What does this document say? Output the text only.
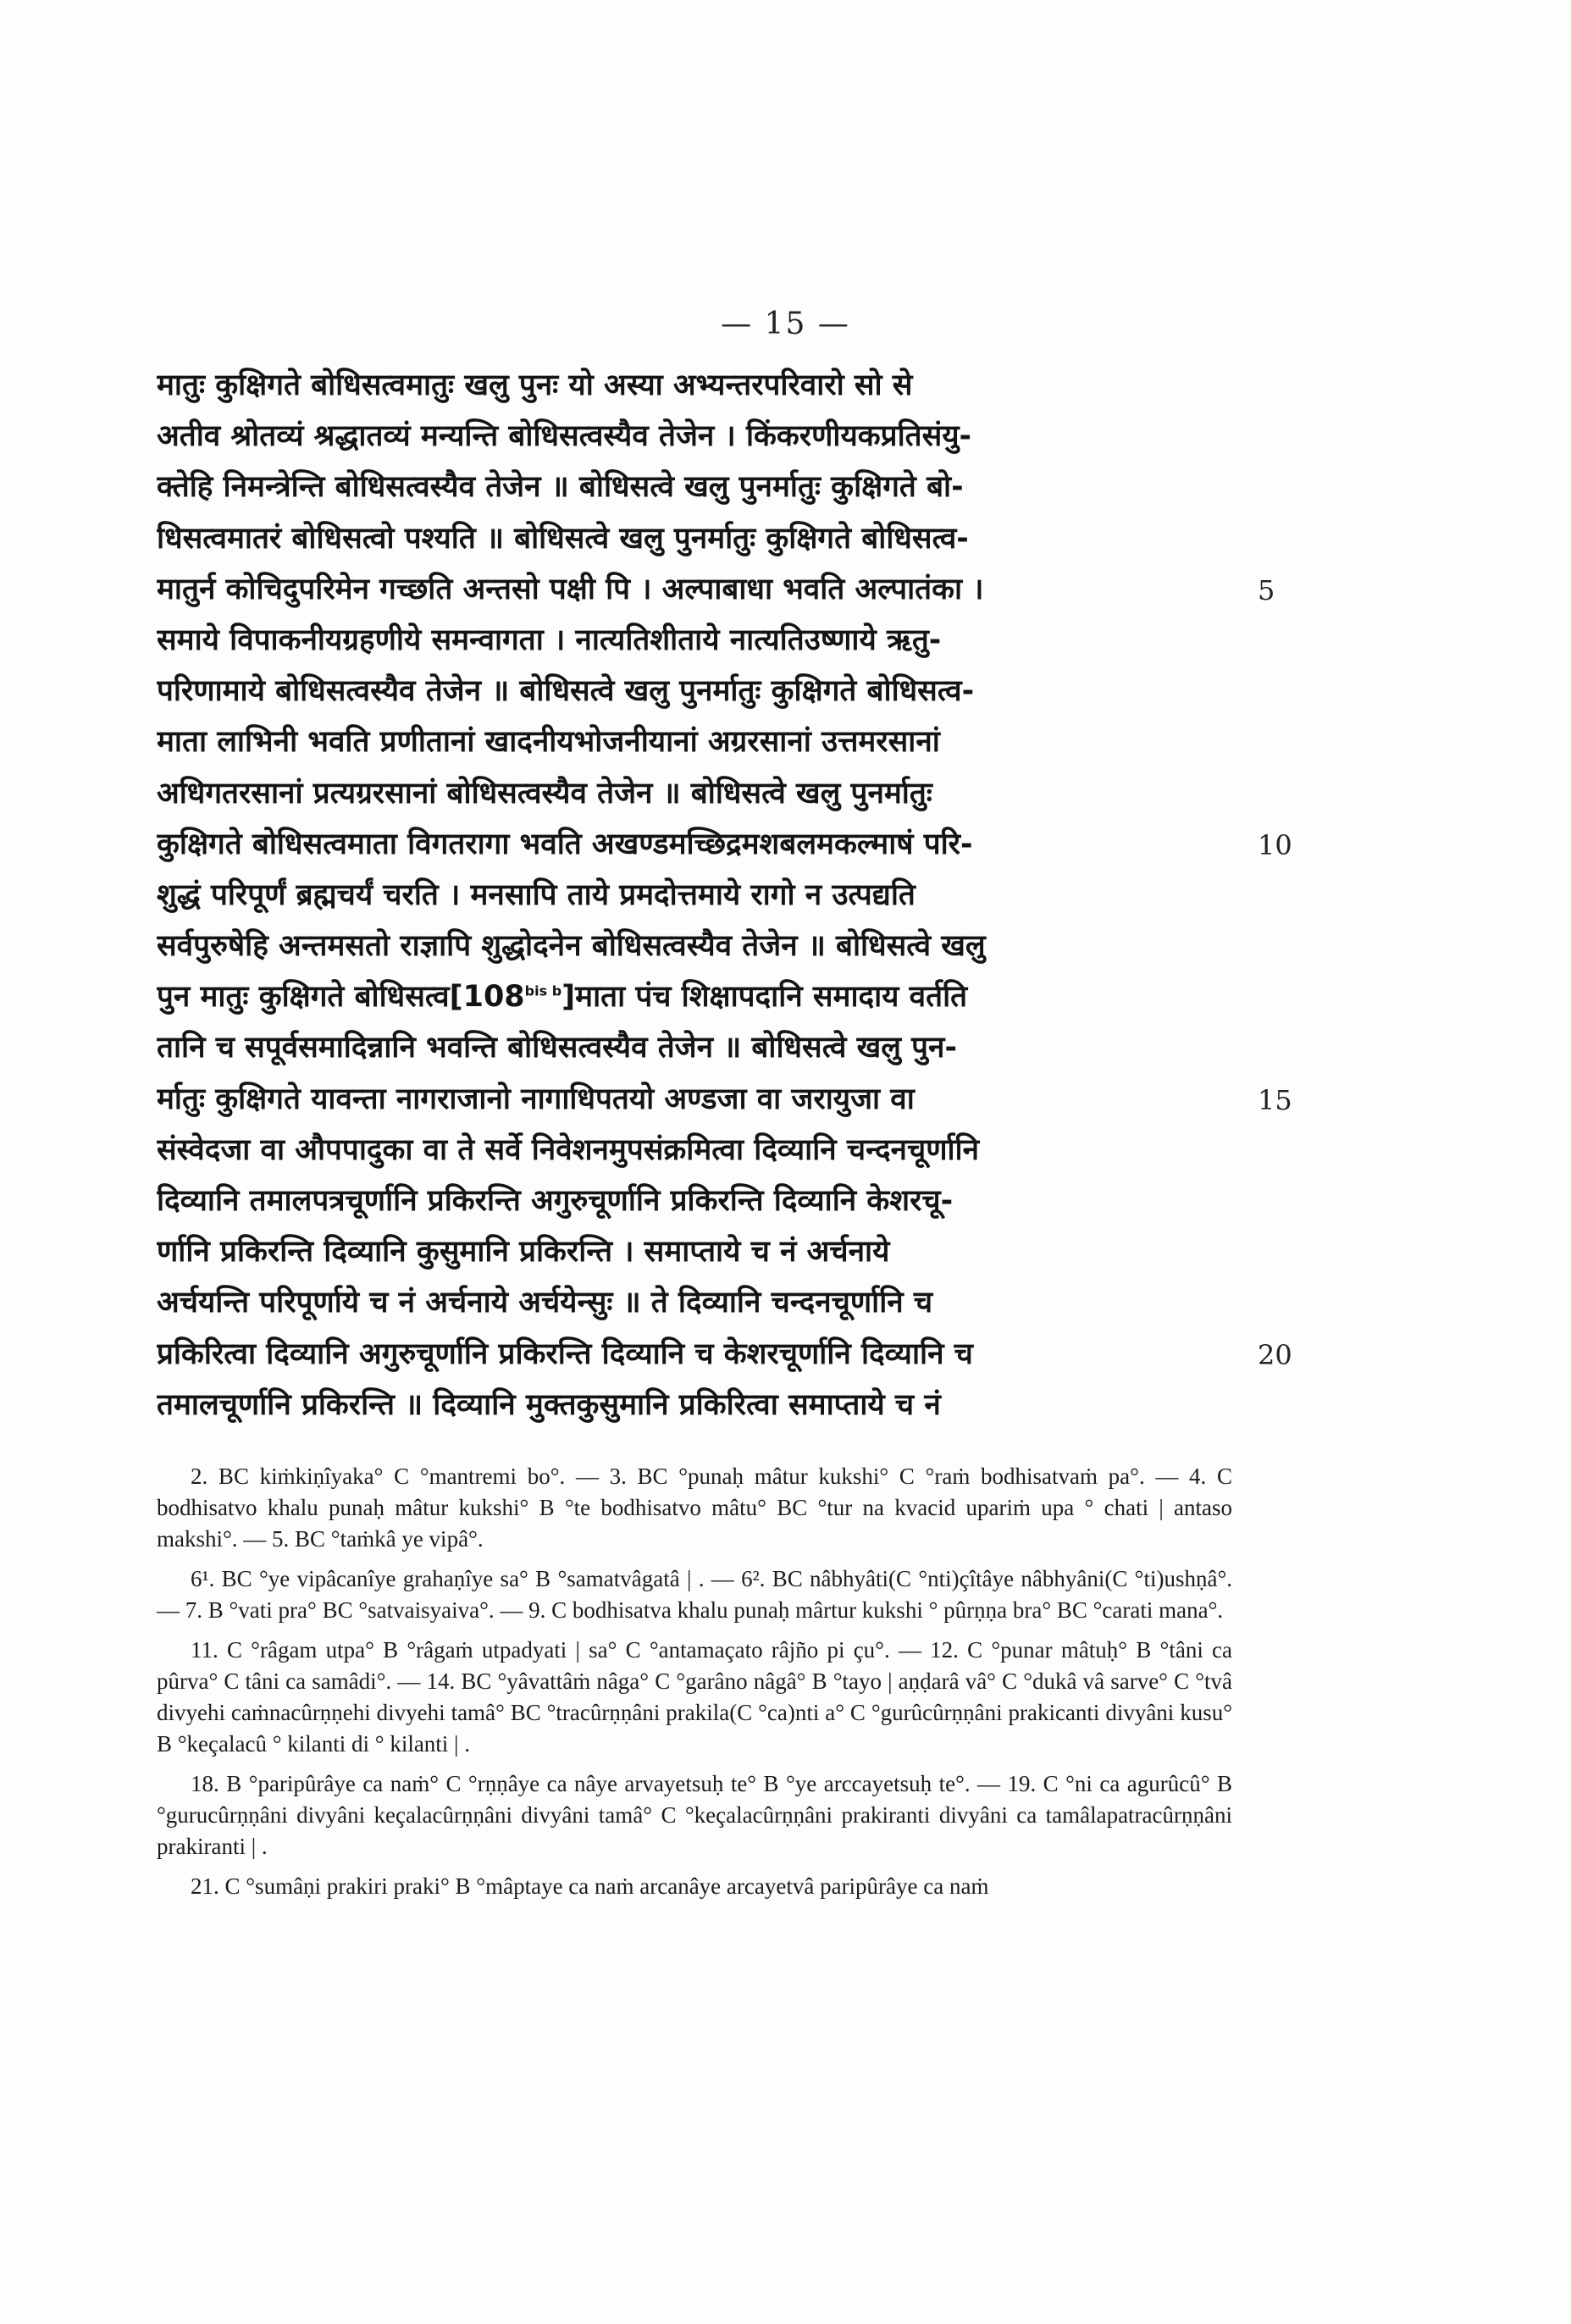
— 15 —
मातुः कुक्षिगते बोधिसत्वमातुः खलु पुनः यो अस्या अभ्यन्तरपरिवारो सो से
अतीव श्रोतव्यं श्रद्धातव्यं मन्यन्ति बोधिसत्वस्यैव तेजेन । किंकरणीयकप्रतिसंयु-
क्तेहि निमन्त्रेन्ति बोधिसत्वस्यैव तेजेन ॥ बोधिसत्वे खलु पुनर्मातुः कुक्षिगते बो-
धिसत्वमातरं बोधिसत्वो पश्यति ॥ बोधिसत्वे खलु पुनर्मातुः कुक्षिगते बोधिसत्व-
मातुर्न कोचिदुपरिमेन गच्छति अन्तसो पक्षी पि । अल्पाबाधा भवति अल्पातंका ।
समाये विपाकनीयग्रहणीये समन्वागता । नात्यतिशीताये नात्यतिउष्णाये ऋतु-
परिणामाये बोधिसत्वस्यैव तेजेन ॥ बोधिसत्वे खलु पुनर्मातुः कुक्षिगते बोधिसत्व-
माता लाभिनी भवति प्रणीतानां खादनीयभोजनीयानां अग्ररसानां उत्तमरसानां
अधिगतरसानां प्रत्यग्ररसानां बोधिसत्वस्यैव तेजेन ॥ बोधिसत्वे खलु पुनर्मातुः
कुक्षिगते बोधिसत्वमाता विगतरागा भवति अखण्डमच्छिद्रमशबलमकल्माषं परि-
शुद्धं परिपूर्णं ब्रह्मचर्यं चरति । मनसापि ताये प्रमदोत्तमाये रागो न उत्पद्यति
सर्वपुरुषेहि अन्तमसतो राज्ञापि शुद्धोदनेन बोधिसत्वस्यैव तेजेन ॥ बोधिसत्वे खलु
पुन मातुः कुक्षिगते $बोधिसत्व[108^{bis b}]माता$ पंच शिक्षापदानि समादाय वर्तति
तानि च सपूर्वसमादिन्नानि भवन्ति बोधिसत्वस्यैव तेजेन ॥ बोधिसत्वे खलु पुन-
र्मातुः कुक्षिगते यावन्ता नागराजानो नागाधिपतयो अण्डजा वा जरायुजा वा
संस्वेदजा वा औपपादुका वा ते सर्वे निवेशनमुपसंक्रमित्वा दिव्यानि चन्दनचूर्णानि
दिव्यानि तमालपत्रचूर्णानि प्रकिरन्ति अगुरुचूर्णानि प्रकिरन्ति दिव्यानि केशरचू-
र्णानि प्रकिरन्ति दिव्यानि कुसुमानि प्रकिरन्ति । समाप्ताये च नं अर्चनाये
अर्चयन्ति परिपूर्णाये च नं अर्चनाये अर्चयेन्सुः ॥ ते दिव्यानि चन्दनचूर्णानि च
प्रकिरित्वा दिव्यानि अगुरुचूर्णानि प्रकिरन्ति दिव्यानि च केशरचूर्णानि दिव्यानि च
तमालचूर्णानि प्रकिरन्ति ॥ दिव्यानि मुक्तकुसुमानि प्रकिरित्वा समाप्ताये च नं

2. BC kiṁkiṇîyaka° C °mantremi bo°. — 3. BC °punaḥ mâtur kukshi° C °raṁ bodhisatvaṁ pa°. — 4. C bodhisatvo khalu punaḥ mâtur kukshi° B °te bodhisatvo mâtu° BC °tur na kvacid upariṁ upa ° chati | antaso makshi°. — 5. BC °taṁkâ ye vipâ°.

6¹. BC °ye vipâcanîye grahaṇîye sa° B °samatvâgatâ | . — 6². BC nâbhyâti(C °nti)çîtâye nâbhyâni(C °ti)ushṇâ°. — 7. B °vati pra° BC °satvaisyaiva°. — 9. C bodhisatva khalu punaḥ mârtur kukshi ° pûrṇṇa bra° BC °carati mana°.

11. C °râgam utpa° B °râgaṁ utpadyati | sa° C °antamaçato râjño pi çu°. — 12. C °punar mâtuḥ° B °tâni ca pûrva° C tâni ca samâdi°. — 14. BC °yâvattâṁ nâga° C °garâno nâgâ° B °tayo | aṇḍarâ vâ° C °dukâ vâ sarve° C °tvâ divyehi caṁnacûrṇṇehi divyehi tamâ° BC °tracûrṇṇâni prakila(C °ca)nti a° C °gurûcûrṇṇâni prakicanti divyâni kusu° B °keçalacû ° kilanti di ° kilanti | .

18. B °paripûrâye ca naṁ° C °rṇṇâye ca nâye arvayetsuḥ te° B °ye arccayetsuḥ te°. — 19. C °ni ca agurûcû° B °gurucûrṇṇâni divyâni keçalacûrṇṇâni divyâni tamâ° C °keçalacûrṇṇâni prakiranti divyâni ca tamâlapatracûrṇṇâni prakiranti | .

21. C °sumâṇi prakiri praki° B °mâptaye ca naṁ arcanâye arcayetvâ paripûrâye ca naṁ

5
10
15
20
